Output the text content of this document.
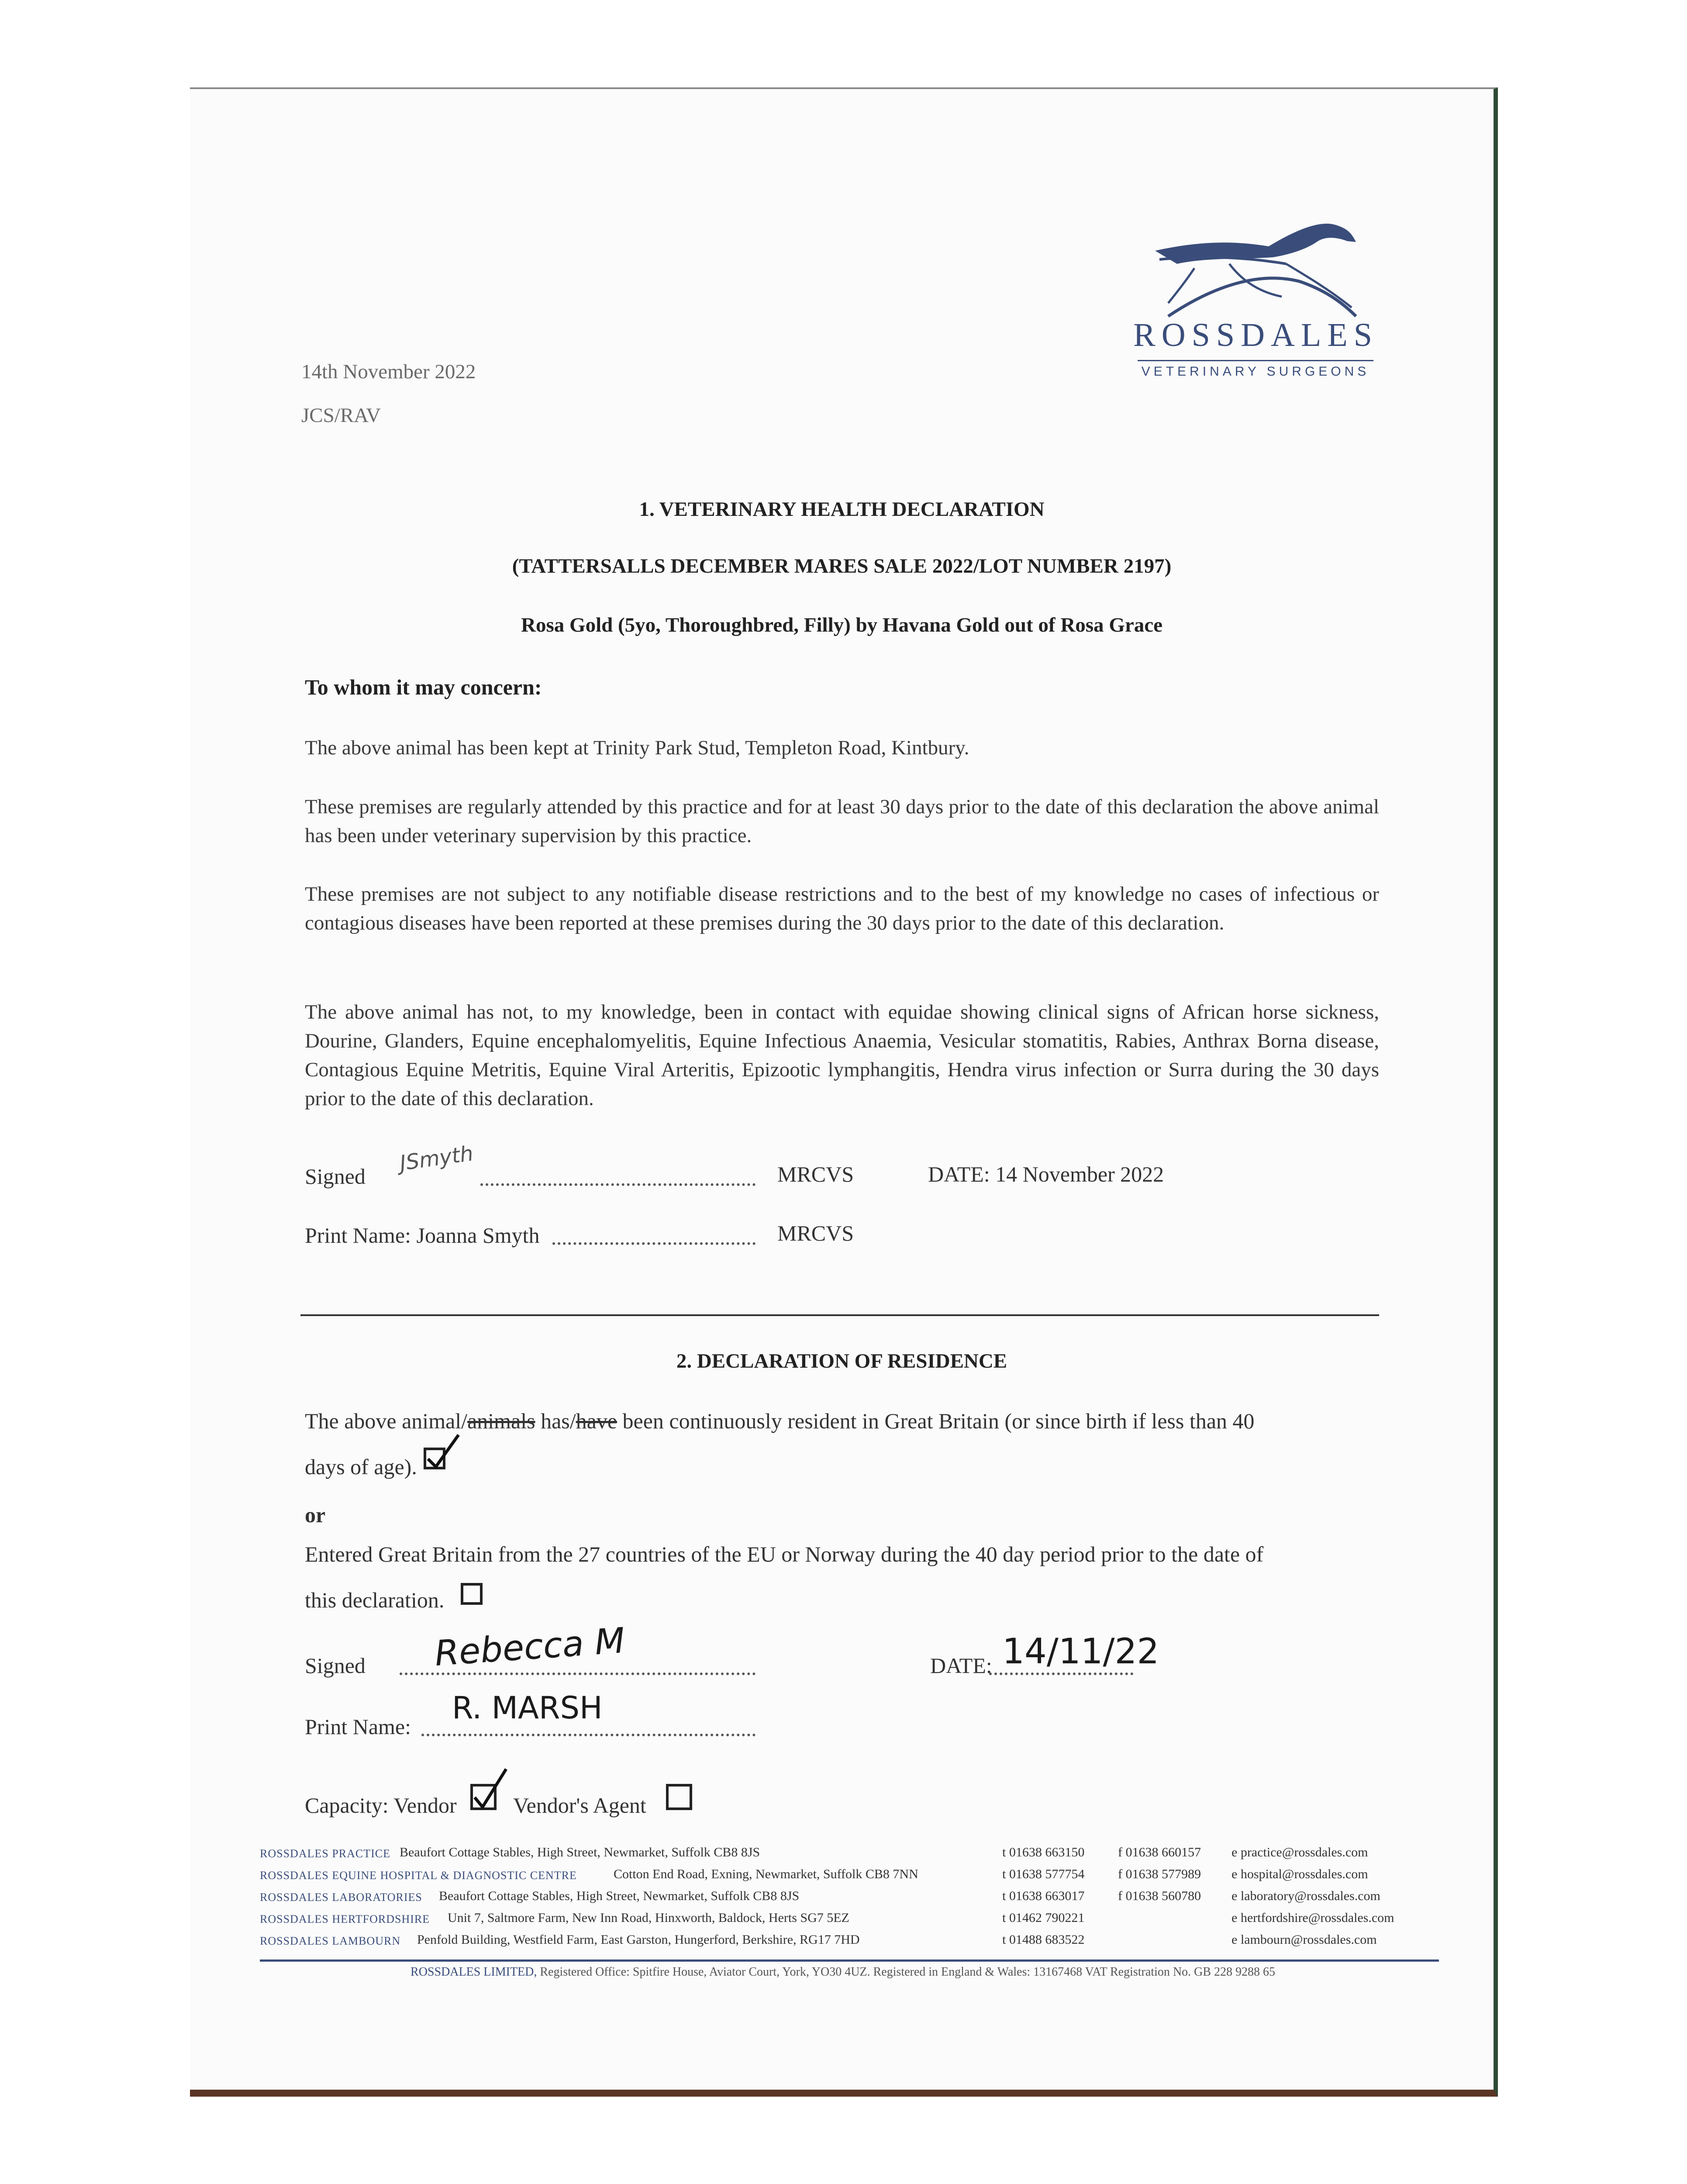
ROSSDALES
VETERINARY SURGEONS
14th November 2022
JCS/RAV
1. VETERINARY HEALTH DECLARATION
(TATTERSALLS DECEMBER MARES SALE 2022/LOT NUMBER 2197)
Rosa Gold (5yo, Thoroughbred, Filly) by Havana Gold out of Rosa Grace
To whom it may concern:
The above animal has been kept at Trinity Park Stud, Templeton Road, Kintbury.
These premises are regularly attended by this practice and for at least 30 days prior to the date of this declaration the above animal has been under veterinary supervision by this practice.
These premises are not subject to any notifiable disease restrictions and to the best of my knowledge no cases of infectious or contagious diseases have been reported at these premises during the 30 days prior to the date of this declaration.
The above animal has not, to my knowledge, been in contact with equidae showing clinical signs of African horse sickness, Dourine, Glanders, Equine encephalomyelitis, Equine Infectious Anaemia, Vesicular stomatitis, Rabies, Anthrax Borna disease, Contagious Equine Metritis, Equine Viral Arteritis, Epizootic lymphangitis, Hendra virus infection or Surra during the 30 days prior to the date of this declaration.
Signed
JSmyth	MRCVS	DATE: 14 November 2022
Print Name: Joanna Smyth	MRCVS
2. DECLARATION OF RESIDENCE
The above animal/animals has/have been continuously resident in Great Britain (or since birth if less than 40
days of age).
or
Entered Great Britain from the 27 countries of the EU or Norway during the 40 day period prior to the date of
this declaration.
Signed Rebecca M	DATE: 14/11/22
Print Name:
R. MARSH
Capacity: Vendor	Vendor's Agent
ROSSDALES PRACTICE Beaufort Cottage Stables, High Street, Newmarket, Suffolk CB8 8JS	t 01638 663150	f 01638 660157 e practice@rossdales.com
ROSSDALES EQUINE HOSPITAL & DIAGNOSTIC CENTRE	Cotton End Road, Exning, Newmarket, Suffolk CB8 7NN	t 01638 577754	f 01638 577989 e hospital@rossdales.com
ROSSDALES LABORATORIES Beaufort Cottage Stables, High Street, Newmarket, Suffolk CB8 8JS	t 01638 663017	f 01638 560780 e laboratory@rossdales.com
ROSSDALES HERTFORDSHIRE Unit 7, Saltmore Farm, New Inn Road, Hinxworth, Baldock, Herts SG7 5EZ	t 01462 790221	e hertfordshire@rossdales.com
ROSSDALES LAMBOURN Penfold Building, Westfield Farm, East Garston, Hungerford, Berkshire, RG17 7HD	t 01488 683522	e lambourn@rossdales.com
ROSSDALES LIMITED, Registered Office: Spitfire House, Aviator Court, York, YO30 4UZ. Registered in England & Wales: 13167468 VAT Registration No. GB 228 9288 65
